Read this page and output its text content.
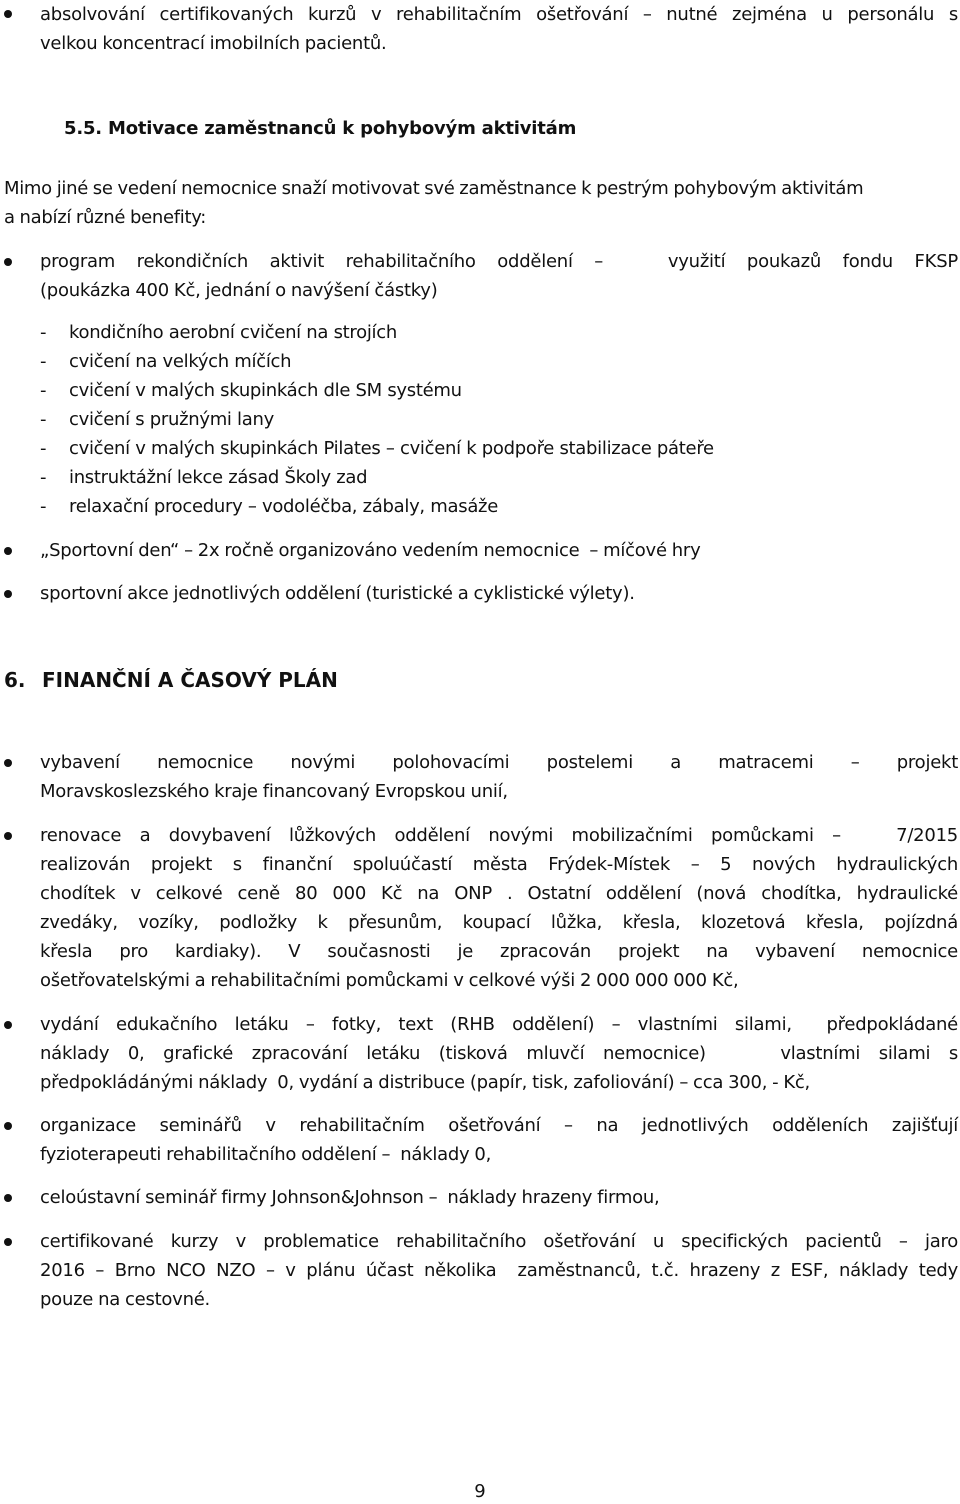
absolvování certifikovaných kurzů v rehabilitačním ošetřování – nutné zejména u personálu s
velkou koncentrací imobilních pacientů.
5.5. Motivace zaměstnanců k pohybovým aktivitám
Mimo jiné se vedení nemocnice snaží motivovat své zaměstnance k pestrým pohybovým aktivitám
a nabízí různé benefity:
program rekondičních aktivit rehabilitačního oddělení –   využití poukazů fondu FKSP
(poukázka 400 Kč, jednání o navýšení částky)
- kondičního aerobní cvičení na strojích
- cvičení na velkých míčích
- cvičení v malých skupinkách dle SM systému
- cvičení s pružnými lany
- cvičení v malých skupinkách Pilates – cvičení k podpoře stabilizace páteře
- instruktážní lekce zásad Školy zad
- relaxační procedury – vodoléčba, zábaly, masáže
„Sportovní den“ – 2x ročně organizováno vedením nemocnice  – míčové hry
sportovní akce jednotlivých oddělení (turistické a cyklistické výlety).
6. FINANČNÍ A ČASOVÝ PLÁN
vybavení nemocnice novými polohovacími postelemi a matracemi – projekt
Moravskoslezského kraje financovaný Evropskou unií,
renovace a dovybavení lůžkových oddělení novými mobilizačními pomůckami –   7/2015
realizován projekt s finanční spoluúčastí města Frýdek-Místek – 5 nových hydraulických
chodítek v celkové ceně 80 000 Kč na ONP . Ostatní oddělení (nová chodítka, hydraulické
zvedáky, vozíky, podložky k přesunům, koupací lůžka, křesla, klozetová křesla, pojízdná
křesla pro kardiaky). V současnosti je zpracován projekt na vybavení nemocnice
ošetřovatelskými a rehabilitačními pomůckami v celkové výši 2 000 000 000 Kč,
vydání edukačního letáku – fotky, text (RHB oddělení) – vlastními silami,  předpokládané
náklady 0, grafické zpracování letáku (tisková mluvčí nemocnice)    vlastními silami s
předpokládánými náklady  0, vydání a distribuce (papír, tisk, zafoliování) – cca 300, - Kč,
organizace seminářů v rehabilitačním ošetřování – na jednotlivých odděleních zajišťují
fyzioterapeuti rehabilitačního oddělení –  náklady 0,
celoústavní seminář firmy Johnson&Johnson –  náklady hrazeny firmou,
certifikované kurzy v problematice rehabilitačního ošetřování u specifických pacientů – jaro
2016 – Brno NCO NZO – v plánu účast několika  zaměstnanců, t.č. hrazeny z ESF, náklady tedy
pouze na cestovné.
9
